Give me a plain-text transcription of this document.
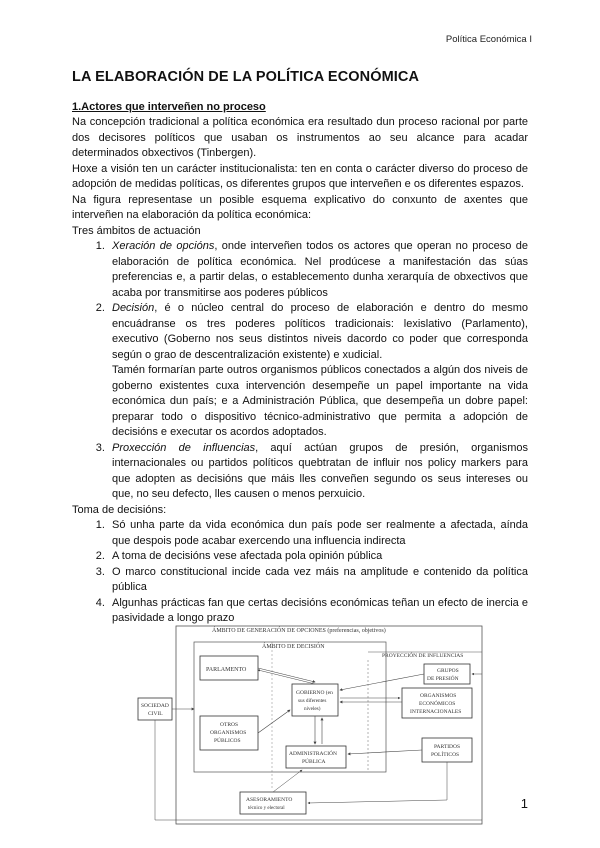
Política Económica I
LA ELABORACIÓN DE LA POLÍTICA ECONÓMICA
1.Actores que interveñen no proceso

Na concepción tradicional a política económica era resultado dun proceso racional por parte dos decisores políticos que usaban os instrumentos ao seu alcance para acadar determinados obxectivos (Tinbergen).

Hoxe a visión ten un carácter institucionalista: ten en conta o carácter diverso do proceso de adopción de medidas políticas, os diferentes grupos que interveñen e os diferentes espazos.

Na figura representase un posible esquema explicativo do conxunto de axentes que interveñen na elaboración da política económica:

Tres ámbitos de actuación
1. Xeración de opcións, onde interveñen todos os actores que operan no proceso de elaboración de política económica. Nel prodúcese a manifestación das súas preferencias e, a partir delas, o establecemento dunha xerarquía de obxectivos que acaba por transmitirse aos poderes públicos
2. Decisión, é o núcleo central do proceso de elaboración e dentro do mesmo encuádranse os tres poderes políticos tradicionais: lexislativo (Parlamento), executivo (Goberno nos seus distintos niveis dacordo co poder que corresponda según o grao de descentralización existente) e xudicial.

Tamén formarían parte outros organismos públicos conectados a algún dos niveis de goberno existentes cuxa intervención desempeñe un papel importante na vida económica dun país; e a Administración Pública, que desempeña un dobre papel: preparar todo o dispositivo técnico-administrativo que permita a adopción de decisións e executar os acordos adoptados.

3. Proxección de influencias, aquí actúan grupos de presión, organismos internacionales ou partidos políticos quebtratan de influir nos policy markers para que adopten as decisións que máis lles conveñen segundo os seus intereses ou que, no seu defecto, lles causen o menos perxuicio.
Toma de decisións:
1. Só unha parte da vida económica dun país pode ser realmente a afectada, aínda que despois pode acabar exercendo una influencia indirecta
2. A toma de decisións vese afectada pola opinión pública
3. O marco constitucional incide cada vez máis na amplitude e contenido da política pública
4. Algunhas prácticas fan que certas decisións económicas teñan un efecto de inercia e pasividade a longo prazo
ÁMBITO DE GENERACIÓN DE OPCIONES (preferencias, objetivos)
ÁMBITO DE DECISIÓN
PROYECCIÓN DE INFLUENCIAS
PARLAMENTO
GOBIERNO (en
sus diferentes
niveles)
OTROS
ORGANISMOS
PÚBLICOS
ADMINISTRACIÓN
PÚBLICA
SOCIEDAD
CIVIL
GRUPOS
DE PRESIÓN
ORGANISMOS
ECONÓMICOS
INTERNACIONALES
PARTIDOS
POLÍTICOS
ASESORAMIENTO
técnico y electoral	1
